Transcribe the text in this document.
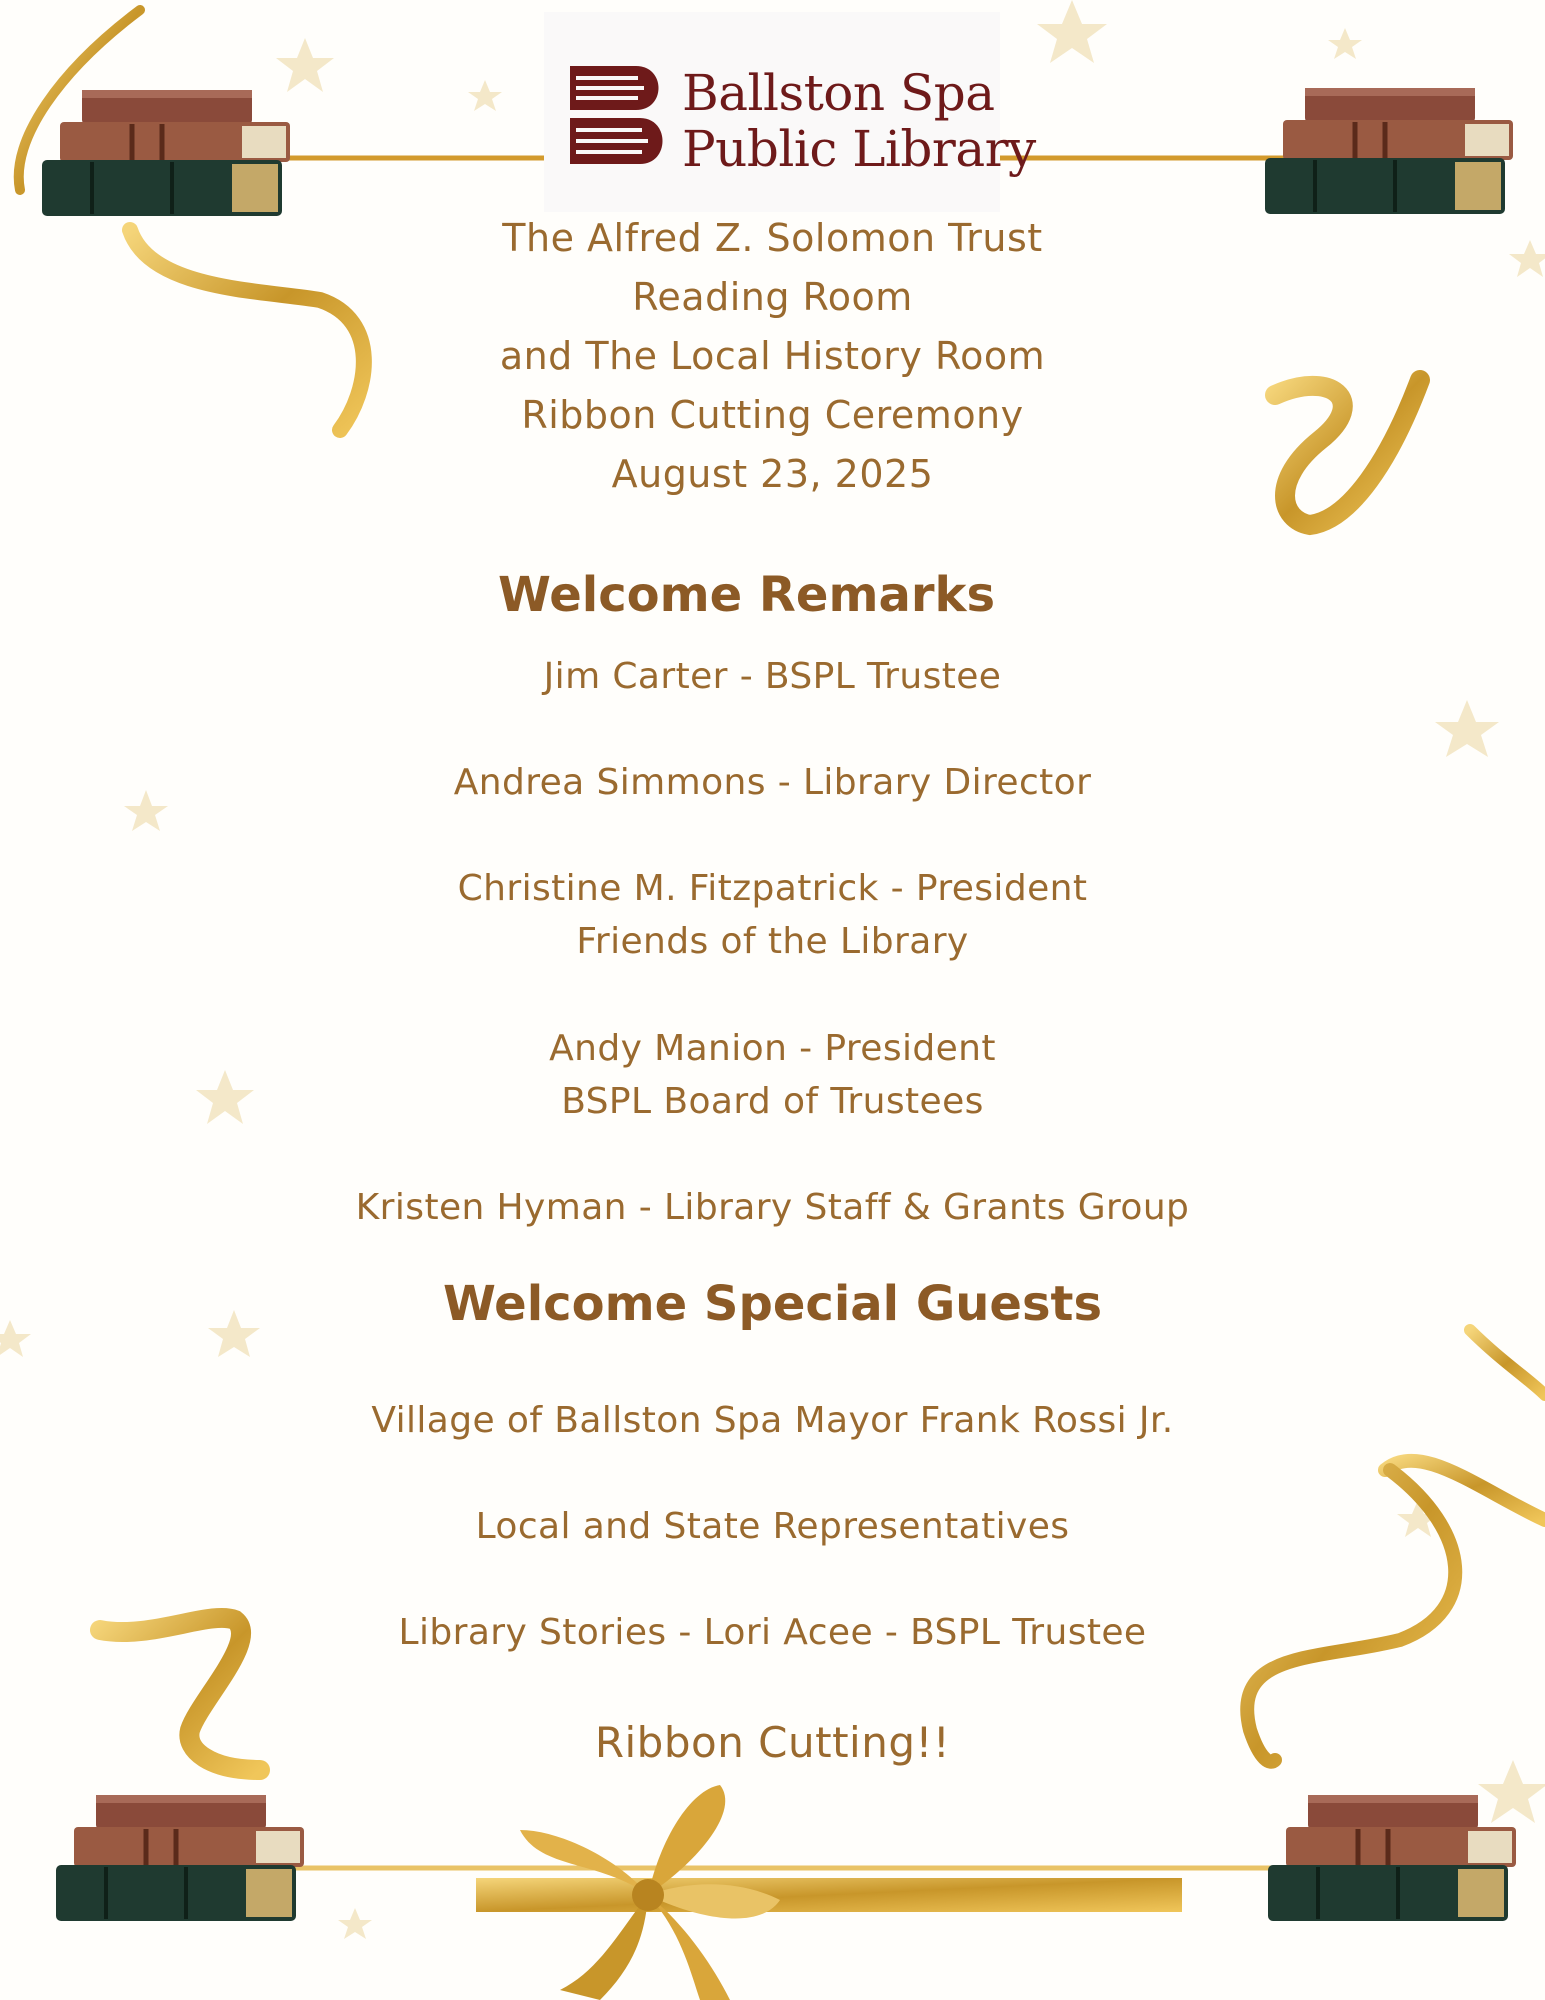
Ballston Spa
Public Library
The Alfred Z. Solomon Trust
Reading Room
and The Local History Room
Ribbon Cutting Ceremony
August 23, 2025
Welcome Remarks
Jim Carter - BSPL Trustee
Andrea Simmons - Library Director
Christine M. Fitzpatrick - President
Friends of the Library
Andy Manion - President
BSPL Board of Trustees
Kristen Hyman - Library Staff & Grants Group
Welcome Special Guests
Village of Ballston Spa Mayor Frank Rossi Jr.
Local and State Representatives
Library Stories - Lori Acee - BSPL Trustee
Ribbon Cutting!!
